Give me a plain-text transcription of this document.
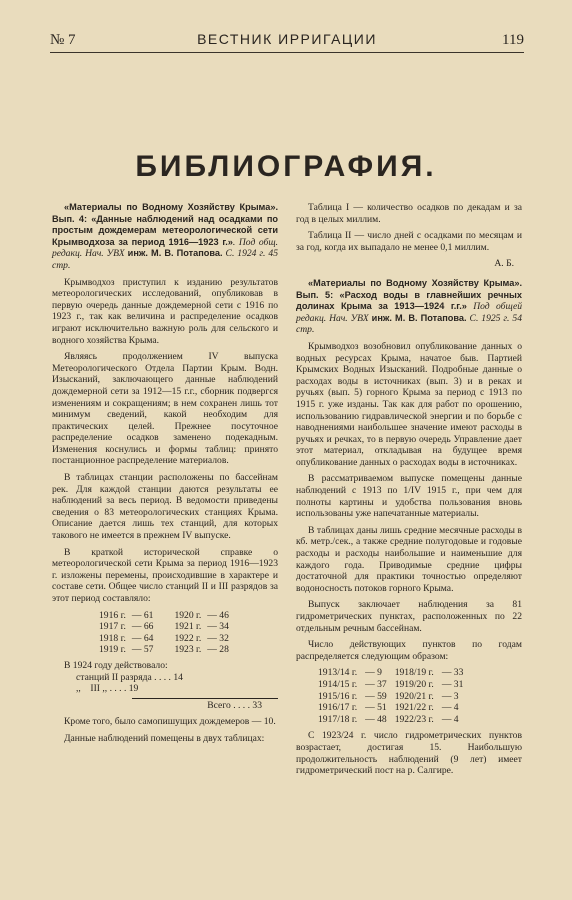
№ 7	ВЕСТНИК ИРРИГАЦИИ	119
БИБЛИОГРАФИЯ.

«Материалы по Водному Хозяйству Крыма». Вып. 4: «Данные наблюдений над осадками по простым дождемерам метеорологической сети Крымводхоза за период 1916—1923 г.». Под общ. редакц. Нач. УВХ инж. М. В. Потапова. С. 1924 г. 45 стр.

Крымводхоз приступил к изданию результатов метеорологических исследований, опубликовав в первую очередь данные дождемерной сети с 1916 по 1923 г., так как величина и распределение осадков играют исключительно важную роль для сельского и водного хозяйства Крыма.

Являясь продолжением IV выпуска Метеорологического Отдела Партии Крым. Водн. Изысканий, заключающего данные наблюдений дождемерной сети за 1912—15 г.г., сборник подвергся изменениям и сокращениям; в нем сохранен лишь тот минимум сведений, какой необходим для практических целей. Прежнее посуточное распределение осадков заменено подекадным. Изменения коснулись и формы таблиц: принято постанционное распределение материалов.

В таблицах станции расположены по бассейнам рек. Для каждой станции даются результаты ее наблюдений за весь период. В ведомости приведены сведения о 83 метеорологических станциях Крыма. Описание дается лишь тех станций, для которых такового не имеется в прежнем IV выпуске.

В краткой исторической справке о метеорологической сети Крыма за период 1916—1923 г. изложены перемены, происходившие в характере и составе сети. Общее число станций II и III разрядов за этот период составляло:

1916 г.	— 61	1920 г.	— 46
1917 г.	— 66	1921 г.	— 34
1918 г.	— 64	1922 г.	— 32
1919 г.	— 57	1923 г.	— 28
В 1924 году действовало:
станций II разряда . . . . 14
,,    III ,, . . . . 19
Всего . . . . 33

Кроме того, было самопишущих дождемеров — 10.

Данные наблюдений помещены в двух таблицах:

Таблица I — количество осадков по декадам и за год в целых миллим.

Таблица II — число дней с осадками по месяцам и за год, когда их выпадало не менее 0,1 миллим.

А. Б.

«Материалы по Водному Хозяйству Крыма». Вып. 5: «Расход воды в главнейших речных долинах Крыма за 1913—1924 г.г.» Под общей редакц. Нач. УВХ инж. М. В. Потапова. С. 1925 г. 54 стр.

Крымводхоз возобновил опубликование данных о водных ресурсах Крыма, начатое быв. Партией Крымских Водных Изысканий. Подробные данные о расходах воды в источниках (вып. 3) и в реках и ручьях (вып. 5) горного Крыма за период с 1913 по 1915 г. уже изданы. Так как для работ по орошению, использованию гидравлической энергии и по борьбе с наводнениями наибольшее значение имеют расходы в ручьях и речках, то в первую очередь Управление дает этот материал, откладывая на будущее время опубликование данных о расходах воды в источниках.

В рассматриваемом выпуске помещены данные наблюдений с 1913 по 1/IV 1915 г., при чем для полноты картины и удобства пользования вновь использованы уже напечатанные материалы.

В таблицах даны лишь средние месячные расходы в кб. метр./сек., а также средние полугодовые и годовые расходы и расходы наибольшие и наименьшие для каждого года. Приводимые средние цифры достаточной для практики точностью определяют водоносность потоков горного Крыма.

Выпуск заключает наблюдения за 81 гидрометрических пунктах, расположенных по 22 отдельным речным бассейнам.

Число действующих пунктов по годам распределяется следующим образом:

1913/14 г.	— 9	1918/19 г.	— 33
1914/15 г.	— 37	1919/20 г.	— 31
1915/16 г.	— 59	1920/21 г.	— 3
1916/17 г.	— 51	1921/22 г.	— 4
1917/18 г.	— 48	1922/23 г.	— 4

С 1923/24 г. число гидрометрических пунктов возрастает, достигая 15. Наибольшую продолжительность наблюдений (9 лет) имеет гидрометрический пост на р. Салгире.
